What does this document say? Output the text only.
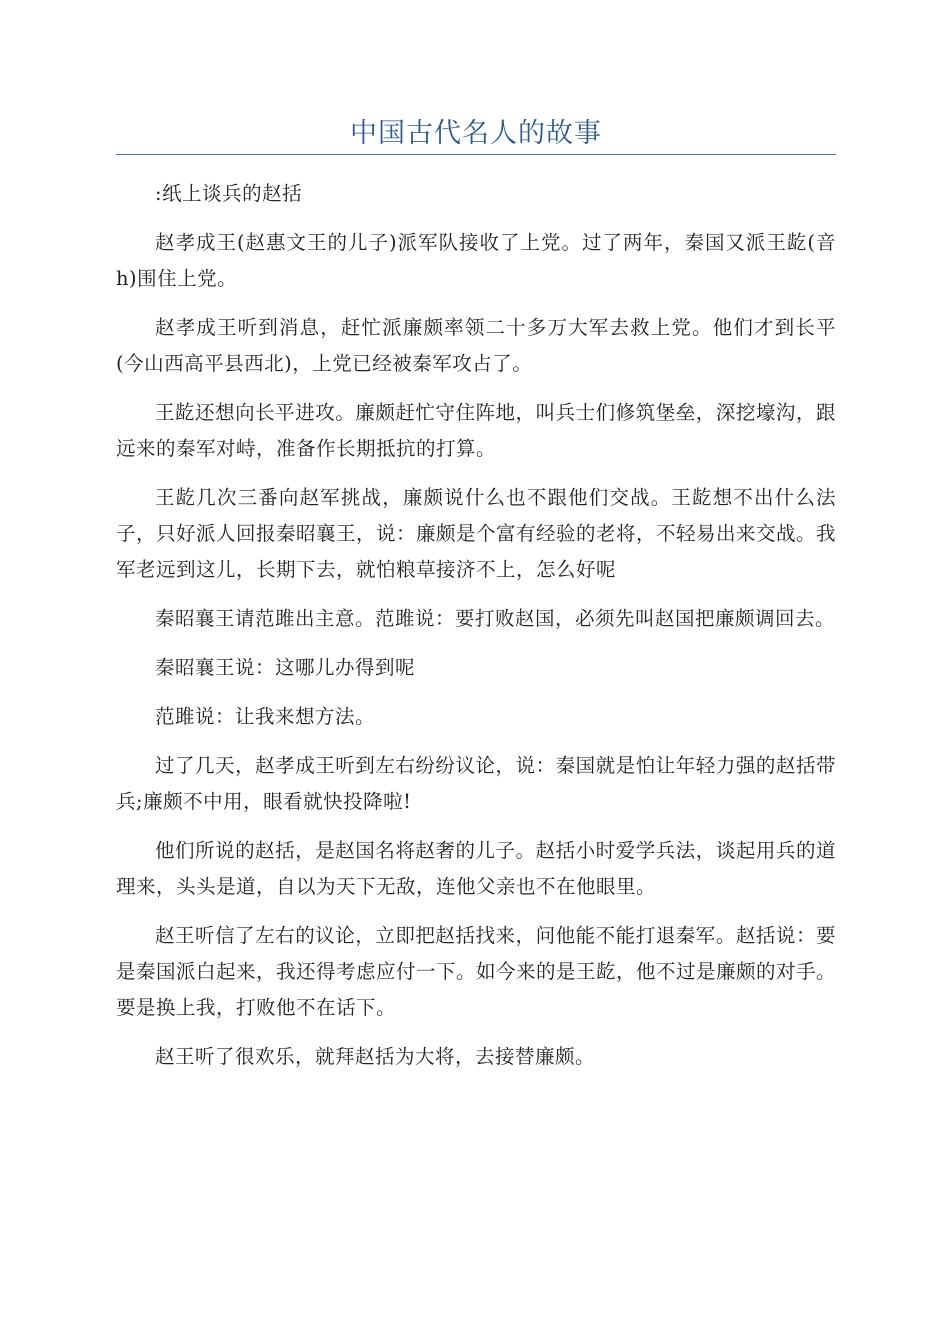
中国古代名人的故事

:纸上谈兵的赵括

赵孝成王(赵惠文王的儿子)派军队接收了上党。过了两年，秦国又派王龁(音h)围住上党。

赵孝成王听到消息，赶忙派廉颇率领二十多万大军去救上党。他们才到长平(今山西高平县西北)，上党已经被秦军攻占了。

王龁还想向长平进攻。廉颇赶忙守住阵地，叫兵士们修筑堡垒，深挖壕沟，跟远来的秦军对峙，准备作长期抵抗的打算。

王龁几次三番向赵军挑战，廉颇说什么也不跟他们交战。王龁想不出什么法子，只好派人回报秦昭襄王，说：廉颇是个富有经验的老将，不轻易出来交战。我军老远到这儿，长期下去，就怕粮草接济不上，怎么好呢

秦昭襄王请范雎出主意。范雎说：要打败赵国，必须先叫赵国把廉颇调回去。

秦昭襄王说：这哪儿办得到呢

范雎说：让我来想方法。

过了几天，赵孝成王听到左右纷纷议论，说：秦国就是怕让年轻力强的赵括带兵;廉颇不中用，眼看就快投降啦!

他们所说的赵括，是赵国名将赵奢的儿子。赵括小时爱学兵法，谈起用兵的道理来，头头是道，自以为天下无敌，连他父亲也不在他眼里。

赵王听信了左右的议论，立即把赵括找来，问他能不能打退秦军。赵括说：要是秦国派白起来，我还得考虑应付一下。如今来的是王龁，他不过是廉颇的对手。要是换上我，打败他不在话下。

赵王听了很欢乐，就拜赵括为大将，去接替廉颇。
